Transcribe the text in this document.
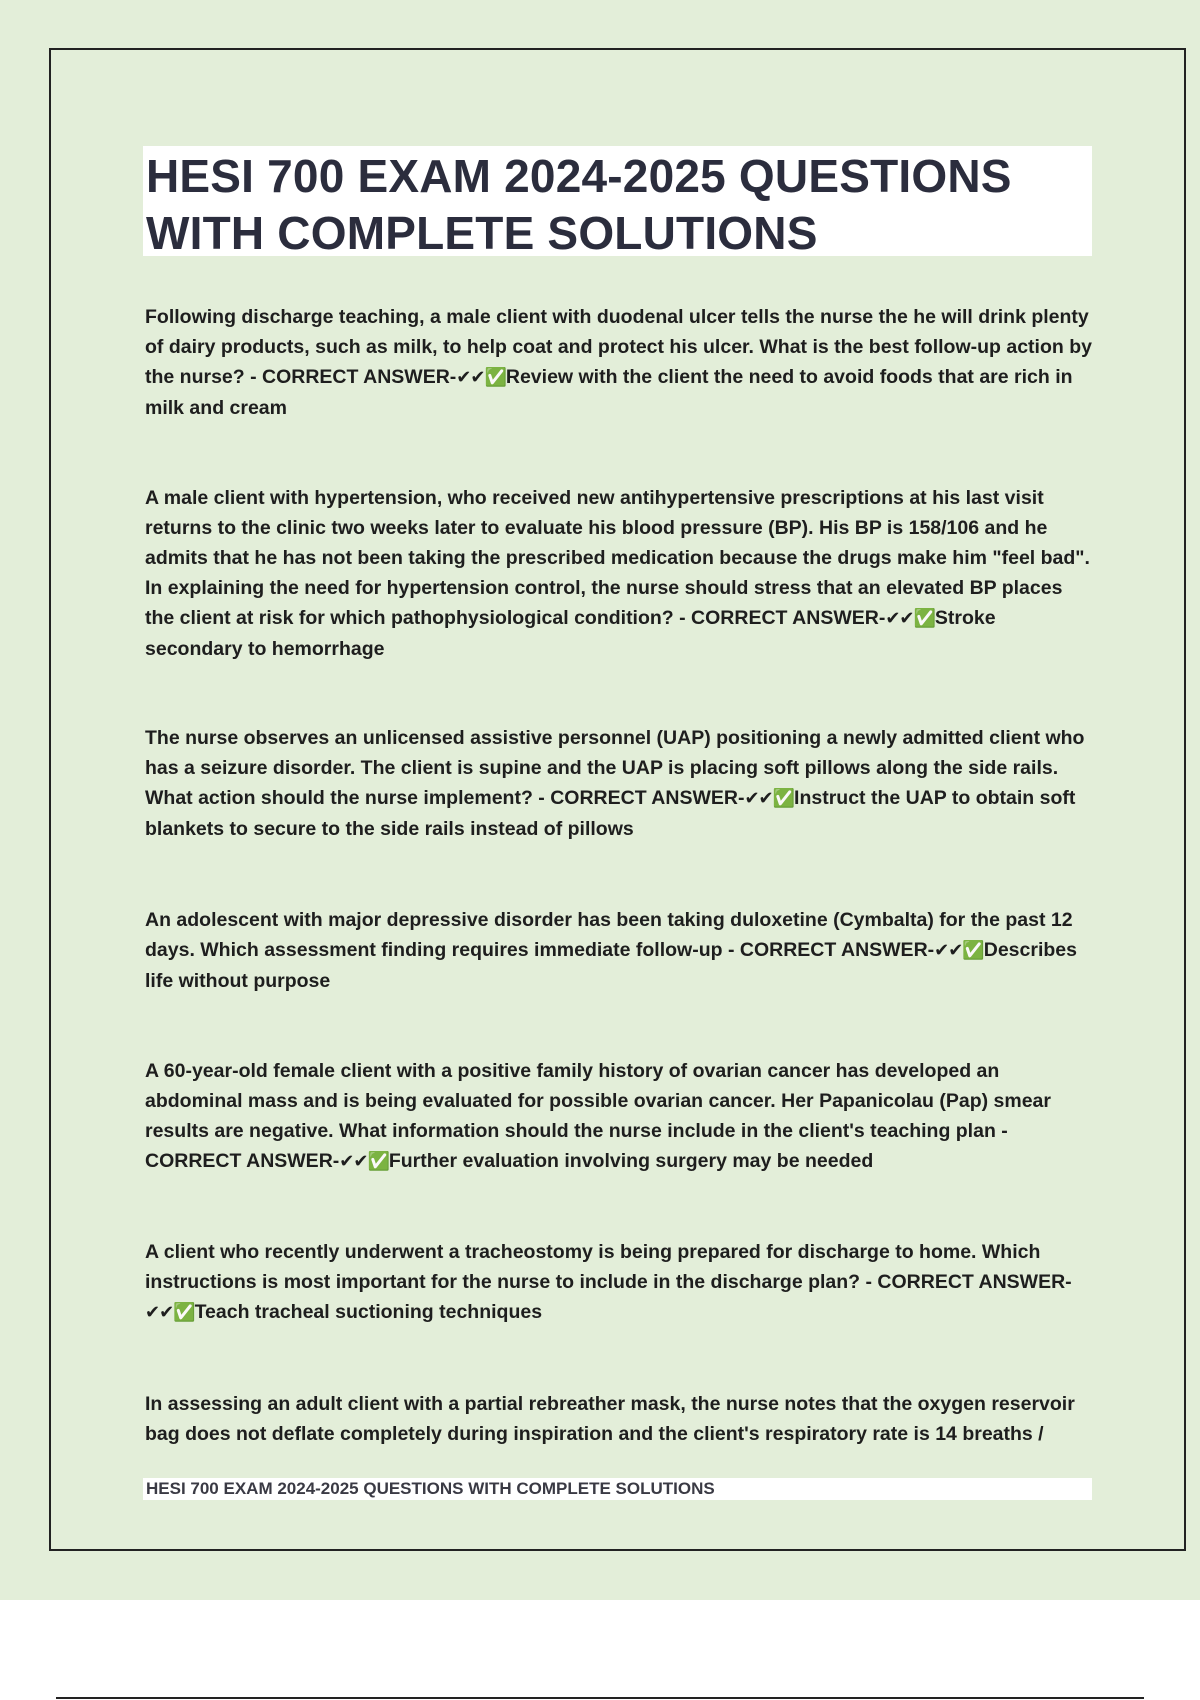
HESI 700 EXAM 2024-2025 QUESTIONS WITH COMPLETE SOLUTIONS

Following discharge teaching, a male client with duodenal ulcer tells the nurse the he will drink plenty of dairy products, such as milk, to help coat and protect his ulcer. What is the best follow-up action by the nurse? - CORRECT ANSWER-✔✔✅Review with the client the need to avoid foods that are rich in milk and cream

A male client with hypertension, who received new antihypertensive prescriptions at his last visit returns to the clinic two weeks later to evaluate his blood pressure (BP). His BP is 158/106 and he admits that he has not been taking the prescribed medication because the drugs make him "feel bad". In explaining the need for hypertension control, the nurse should stress that an elevated BP places the client at risk for which pathophysiological condition? - CORRECT ANSWER-✔✔✅Stroke secondary to hemorrhage

The nurse observes an unlicensed assistive personnel (UAP) positioning a newly admitted client who has a seizure disorder. The client is supine and the UAP is placing soft pillows along the side rails. What action should the nurse implement? - CORRECT ANSWER-✔✔✅Instruct the UAP to obtain soft blankets to secure to the side rails instead of pillows

An adolescent with major depressive disorder has been taking duloxetine (Cymbalta) for the past 12 days. Which assessment finding requires immediate follow-up - CORRECT ANSWER-✔✔✅Describes life without purpose

A 60-year-old female client with a positive family history of ovarian cancer has developed an abdominal mass and is being evaluated for possible ovarian cancer. Her Papanicolau (Pap) smear results are negative. What information should the nurse include in the client's teaching plan - CORRECT ANSWER-✔✔✅Further evaluation involving surgery may be needed

A client who recently underwent a tracheostomy is being prepared for discharge to home. Which instructions is most important for the nurse to include in the discharge plan? - CORRECT ANSWER-✔✔✅Teach tracheal suctioning techniques

In assessing an adult client with a partial rebreather mask, the nurse notes that the oxygen reservoir bag does not deflate completely during inspiration and the client's respiratory rate is 14 breaths /

HESI 700 EXAM 2024-2025 QUESTIONS WITH COMPLETE SOLUTIONS
